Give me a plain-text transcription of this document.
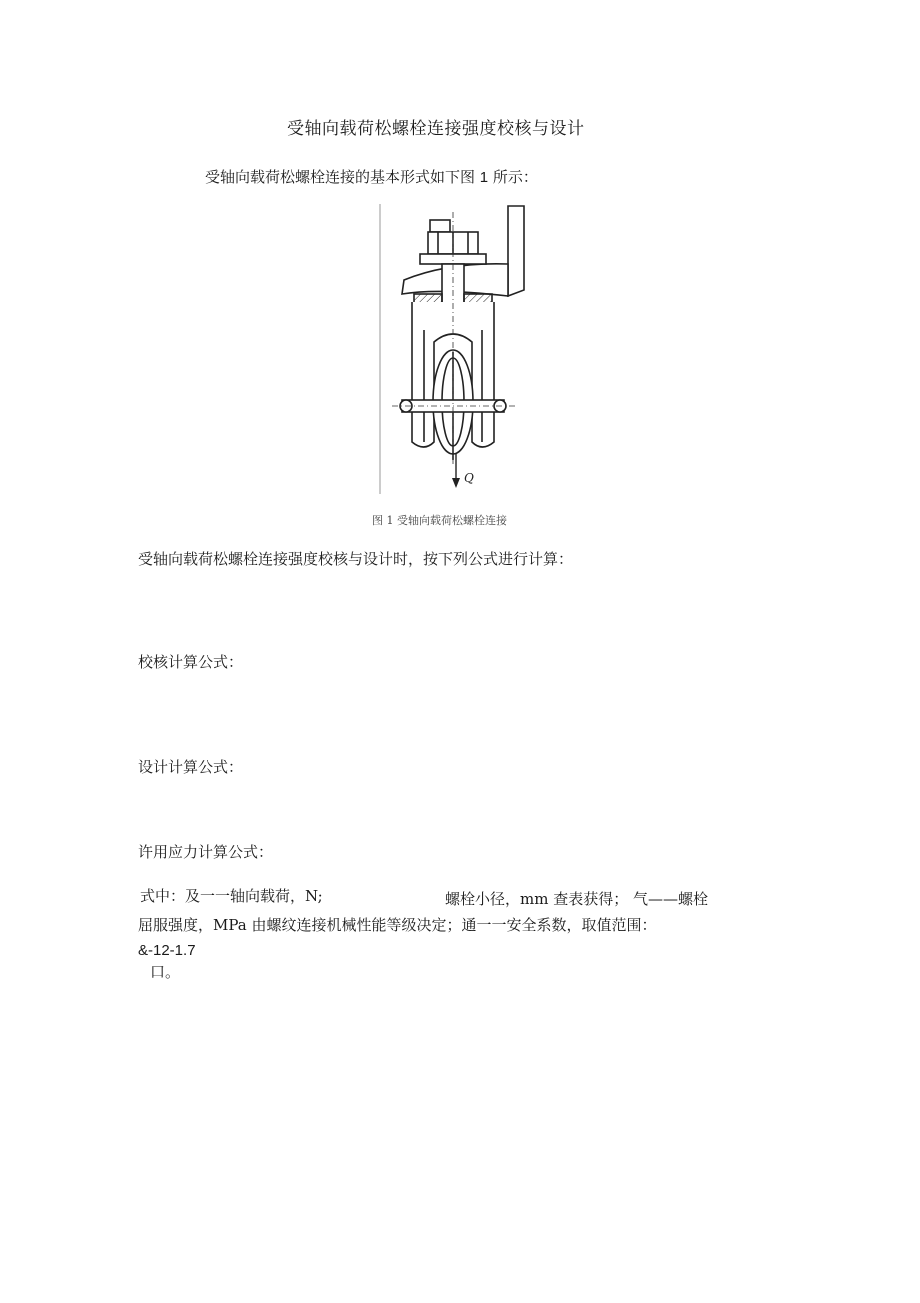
受轴向载荷松螺栓连接强度校核与设计
受轴向载荷松螺栓连接的基本形式如下图 1 所示：
Q
图 1 受轴向载荷松螺栓连接
受轴向载荷松螺栓连接强度校核与设计时，按下列公式进行计算：
校核计算公式：
设计计算公式：
许用应力计算公式：
式中：及一一轴向载荷，N;	螺栓小径，mm 查表获得； 气——螺栓
屈服强度，MPa 由螺纹连接机械性能等级决定；通一一安全系数，取值范围：
&-12-1.7
口。
